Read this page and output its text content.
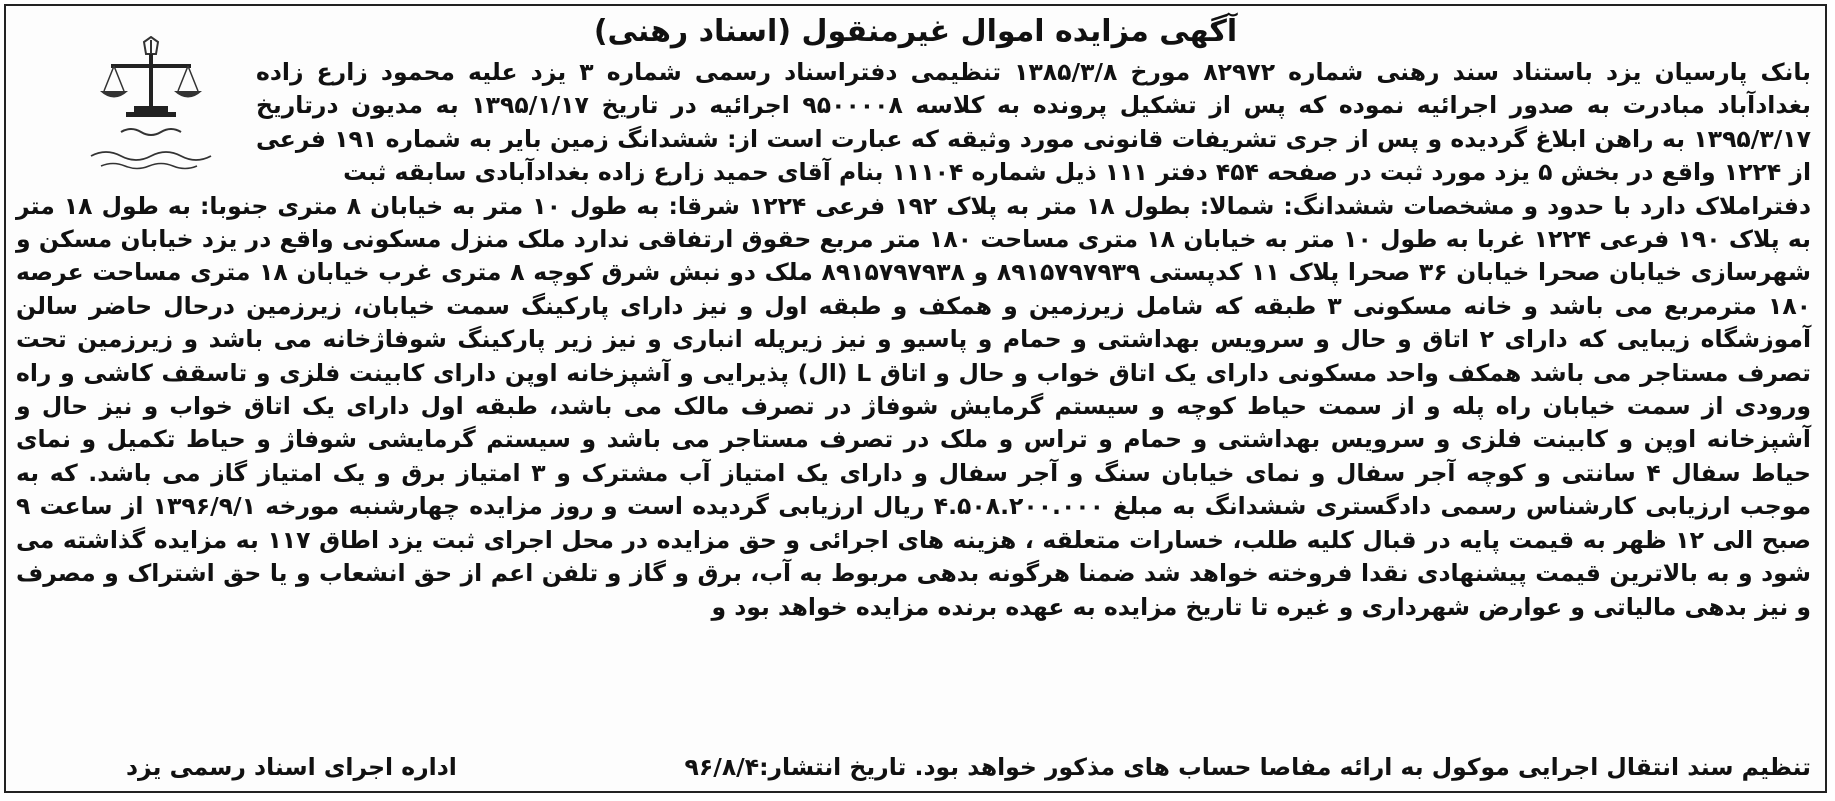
آگهی مزایده اموال غیرمنقول (اسناد رهنی)
بانک پارسیان یزد باستناد سند رهنی شماره ۸۲۹۷۲ مورخ ۱۳۸۵/۳/۸ تنظیمی دفتراسناد رسمی شماره ۳ یزد علیه محمود زارع زاده بغدادآباد مبادرت به صدور اجرائیه نموده که پس از تشکیل پرونده به کلاسه ۹۵۰۰۰۰۸ اجرائیه در تاریخ ۱۳۹۵/۱/۱۷ به مدیون درتاریخ ۱۳۹۵/۳/۱۷ به راهن ابلاغ گردیده و پس از جری تشریفات قانونی مورد وثیقه که عبارت است از: ششدانگ زمین بایر به شماره ۱۹۱ فرعی از ۱۲۲۴ واقع در بخش ۵ یزد مورد ثبت در صفحه ۴۵۴ دفتر ۱۱۱ ذیل شماره ۱۱۱۰۴ بنام آقای حمید زارع زاده بغدادآبادی سابقه ثبت
دفتراملاک دارد با حدود و مشخصات ششدانگ: شمالا: بطول ۱۸ متر به پلاک ۱۹۲ فرعی ۱۲۲۴ شرقا: به طول ۱۰ متر به خیابان ۸ متری جنوبا: به طول ۱۸ متر به پلاک ۱۹۰ فرعی ۱۲۲۴ غربا به طول ۱۰ متر به خیابان ۱۸ متری مساحت ۱۸۰ متر مربع حقوق ارتفاقی ندارد ملک منزل مسکونی واقع در یزد خیابان مسکن و شهرسازی خیابان صحرا خیابان ۳۶ صحرا پلاک ۱۱ کدپستی ۸۹۱۵۷۹۷۹۳۹ و ۸۹۱۵۷۹۷۹۳۸ ملک دو نبش شرق کوچه ۸ متری غرب خیابان ۱۸ متری مساحت عرصه ۱۸۰ مترمربع می باشد و خانه مسکونی ۳ طبقه که شامل زیرزمین و همکف و طبقه اول و نیز دارای پارکینگ سمت خیابان، زیرزمین درحال حاضر سالن آموزشگاه زیبایی که دارای ۲ اتاق و حال و سرویس بهداشتی و حمام و پاسیو و نیز زیرپله انباری و نیز زیر پارکینگ شوفاژخانه می باشد و زیرزمین تحت تصرف مستاجر می باشد همکف واحد مسکونی دارای یک اتاق خواب و حال و اتاق L (ال) پذیرایی و آشپزخانه اوپن دارای کابینت فلزی و تاسقف کاشی و راه ورودی از سمت خیابان راه پله و از سمت حیاط کوچه و سیستم گرمایش شوفاژ در تصرف مالک می باشد، طبقه اول دارای یک اتاق خواب و نیز حال و آشپزخانه اوپن و کابینت فلزی و سرویس بهداشتی و حمام و تراس و ملک در تصرف مستاجر می باشد و سیستم گرمایشی شوفاژ و حیاط تکمیل و نمای حیاط سفال ۴ سانتی و کوچه آجر سفال و نمای خیابان سنگ و آجر سفال و دارای یک امتیاز آب مشترک و ۳ امتیاز برق و یک امتیاز گاز می باشد. که به موجب ارزیابی کارشناس رسمی دادگستری ششدانگ به مبلغ ۴.۵۰۸.۲۰۰.۰۰۰ ریال ارزیابی گردیده است و روز مزایده چهارشنبه مورخه ۱۳۹۶/۹/۱ از ساعت ۹ صبح الی ۱۲ ظهر به قیمت پایه در قبال کلیه طلب، خسارات متعلقه ، هزینه های اجرائی و حق مزایده در محل اجرای ثبت یزد اطاق ۱۱۷ به مزایده گذاشته می شود و به بالاترین قیمت پیشنهادی نقدا فروخته خواهد شد ضمنا هرگونه بدهی مربوط به آب، برق و گاز و تلفن اعم از حق انشعاب و یا حق اشتراک و مصرف و نیز بدهی مالیاتی و عوارض شهرداری و غیره تا تاریخ مزایده به عهده برنده مزایده خواهد بود و
تنظیم سند انتقال اجرایی موکول به ارائه مفاصا حساب های مذکور خواهد بود. تاریخ انتشار:۹۶/۸/۴
اداره اجرای اسناد رسمی یزد
